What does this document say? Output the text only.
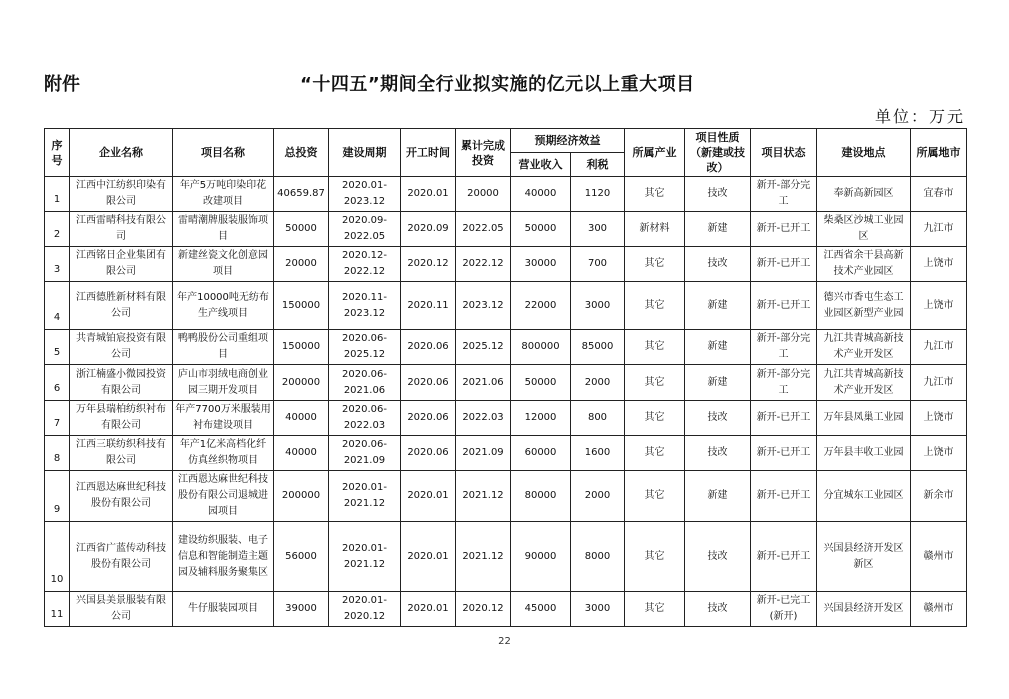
附件	“十四五”期间全行业拟实施的亿元以上重大项目
单位：万元
序号	企业名称	项目名称	总投资	建设周期	开工时间	累计完成投资	预期经济效益		所属产业	项目性质（新建或技改）	项目状态	建设地点	所属地市
							营业收入	利税					
1	江西中江纺织印染有限公司	年产5万吨印染印花改建项目	40659.87	2020.01-2023.12	2020.01	20000	40000	1120	其它	技改	新开-部分完工	奉新高新园区	宜春市
2	江西雷晴科技有限公司	雷晴潮牌服装服饰项目	50000	2020.09-2022.05	2020.09	2022.05	50000	300	新材料	新建	新开-已开工	柴桑区沙城工业园区	九江市
3	江西铭日企业集团有限公司	新建丝瓷文化创意园项目	20000	2020.12-2022.12	2020.12	2022.12	30000	700	其它	技改	新开-已开工	江西省余干县高新技术产业园区	上饶市
4	江西德胜新材料有限公司	年产10000吨无纺布生产线项目	150000	2020.11-2023.12	2020.11	2023.12	22000	3000	其它	新建	新开-已开工	德兴市香屯生态工业园区新型产业园	上饶市
5	共青城铂宸投资有限公司	鸭鸭股份公司重组项目	150000	2020.06-2025.12	2020.06	2025.12	800000	85000	其它	新建	新开-部分完工	九江共青城高新技术产业开发区	九江市
6	浙江楠盛小微园投资有限公司	庐山市羽绒电商创业园三期开发项目	200000	2020.06-2021.06	2020.06	2021.06	50000	2000	其它	新建	新开-部分完工	九江共青城高新技术产业开发区	九江市
7	万年县瑞柏纺织衬布有限公司	年产7700万米服装用衬布建设项目	40000	2020.06-2022.03	2020.06	2022.03	12000	800	其它	技改	新开-已开工	万年县凤巢工业园	上饶市
8	江西三联纺织科技有限公司	年产1亿米高档化纤仿真丝织物项目	40000	2020.06-2021.09	2020.06	2021.09	60000	1600	其它	技改	新开-已开工	万年县丰收工业园	上饶市
9	江西恩达麻世纪科技股份有限公司	江西恩达麻世纪科技股份有限公司退城进园项目	200000	2020.01-2021.12	2020.01	2021.12	80000	2000	其它	新建	新开-已开工	分宜城东工业园区	新余市
10	江西省广蓝传动科技股份有限公司	建设纺织服装、电子信息和智能制造主题园及辅料服务聚集区	56000	2020.01-2021.12	2020.01	2021.12	90000	8000	其它	技改	新开-已开工	兴国县经济开发区新区	赣州市
11	兴国县美景服装有限公司	牛仔服装园项目	39000	2020.01-2020.12	2020.01	2020.12	45000	3000	其它	技改	新开-已完工(新开)	兴国县经济开发区	赣州市
22
